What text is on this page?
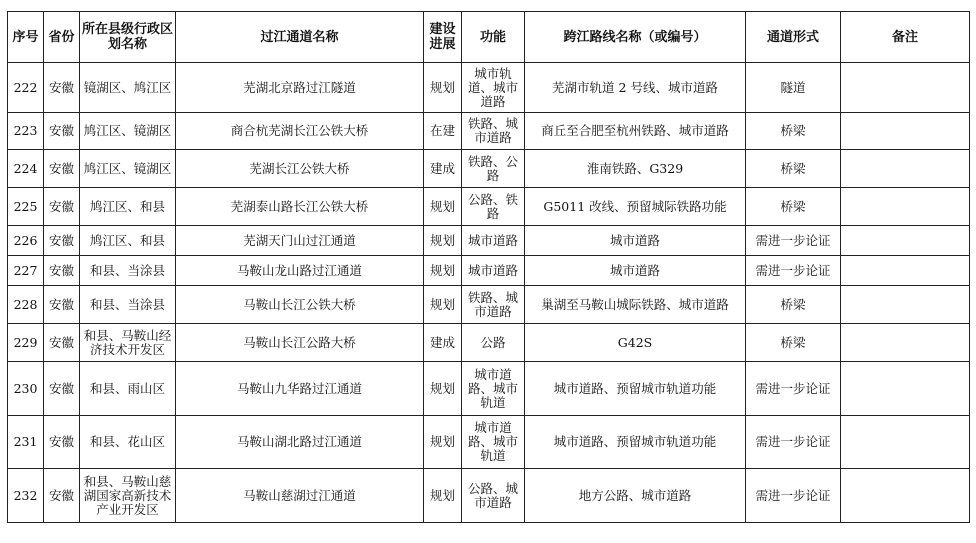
序号	省份	所在县级行政区划名称	过江通道名称	建设进展	功能	跨江路线名称（或编号）	通道形式	备注
222	安徽	镜湖区、鸠江区	芜湖北京路过江隧道	规划	城市轨道、城市道路	芜湖市轨道 2 号线、城市道路	隧道	
223	安徽	鸠江区、镜湖区	商合杭芜湖长江公铁大桥	在建	铁路、城市道路	商丘至合肥至杭州铁路、城市道路	桥梁	
224	安徽	鸠江区、镜湖区	芜湖长江公铁大桥	建成	铁路、公路	淮南铁路、G329	桥梁	
225	安徽	鸠江区、和县	芜湖泰山路长江公铁大桥	规划	公路、铁路	G5011 改线、预留城际铁路功能	桥梁	
226	安徽	鸠江区、和县	芜湖天门山过江通道	规划	城市道路	城市道路	需进一步论证	
227	安徽	和县、当涂县	马鞍山龙山路过江通道	规划	城市道路	城市道路	需进一步论证	
228	安徽	和县、当涂县	马鞍山长江公铁大桥	规划	铁路、城市道路	巢湖至马鞍山城际铁路、城市道路	桥梁	
229	安徽	和县、马鞍山经济技术开发区	马鞍山长江公路大桥	建成	公路	G42S	桥梁	
230	安徽	和县、雨山区	马鞍山九华路过江通道	规划	城市道路、城市轨道	城市道路、预留城市轨道功能	需进一步论证	
231	安徽	和县、花山区	马鞍山湖北路过江通道	规划	城市道路、城市轨道	城市道路、预留城市轨道功能	需进一步论证	
232	安徽	和县、马鞍山慈湖国家高新技术产业开发区	马鞍山慈湖过江通道	规划	公路、城市道路	地方公路、城市道路	需进一步论证	
